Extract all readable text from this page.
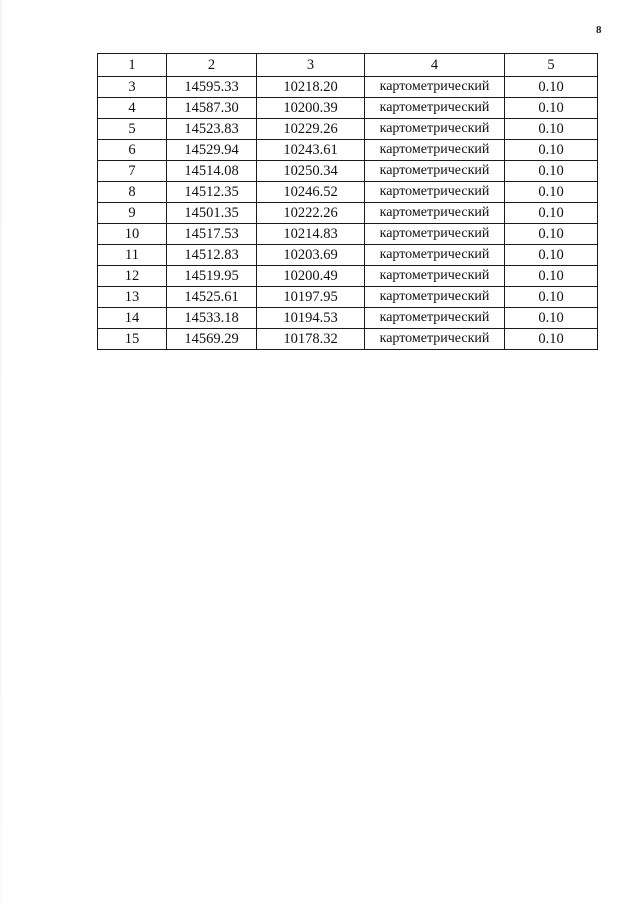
8
1	2	3	4	5
3	14595.33	10218.20	картометрический	0.10
4	14587.30	10200.39	картометрический	0.10
5	14523.83	10229.26	картометрический	0.10
6	14529.94	10243.61	картометрический	0.10
7	14514.08	10250.34	картометрический	0.10
8	14512.35	10246.52	картометрический	0.10
9	14501.35	10222.26	картометрический	0.10
10	14517.53	10214.83	картометрический	0.10
11	14512.83	10203.69	картометрический	0.10
12	14519.95	10200.49	картометрический	0.10
13	14525.61	10197.95	картометрический	0.10
14	14533.18	10194.53	картометрический	0.10
15	14569.29	10178.32	картометрический	0.10
